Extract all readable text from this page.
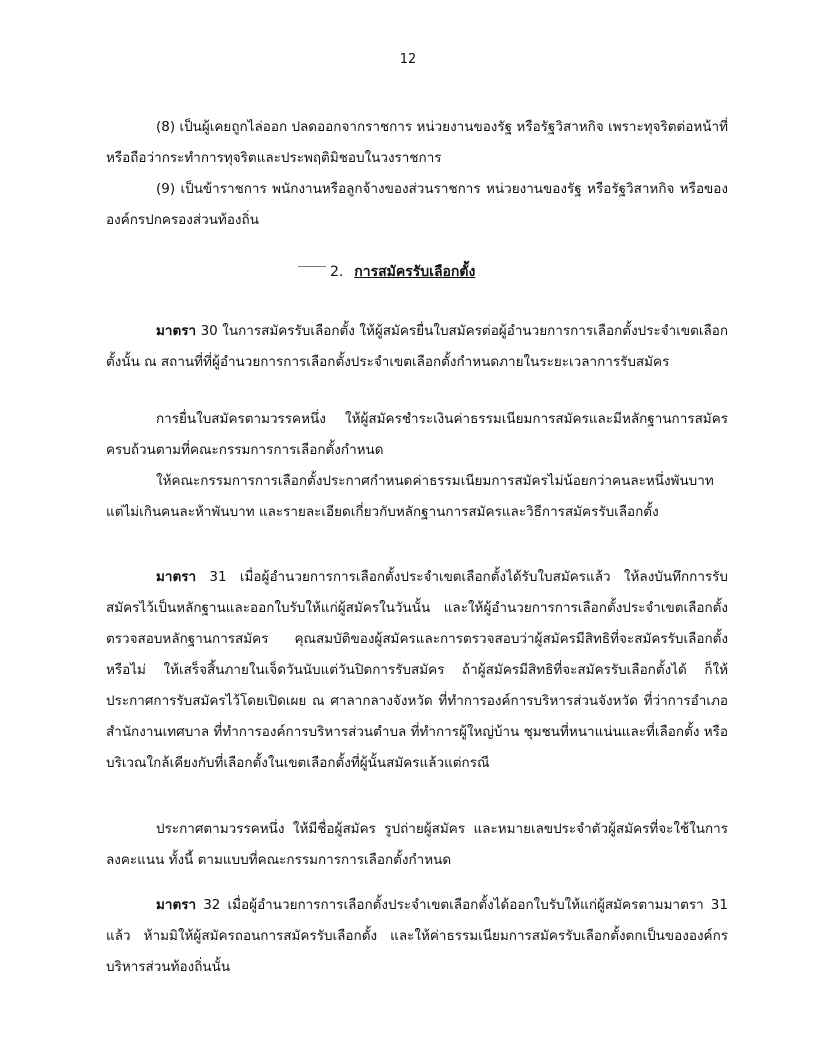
12

(8) เป็นผู้เคยถูกไล่ออก ปลดออกจากราชการ หน่วยงานของรัฐ หรือรัฐวิสาหกิจ เพราะทุจริตต่อหน้าที่หรือถือว่ากระทำการทุจริตและประพฤติมิชอบในวงราชการ

(9) เป็นข้าราชการ พนักงานหรือลูกจ้างของส่วนราชการ หน่วยงานของรัฐ หรือรัฐวิสาหกิจ หรือขององค์กรปกครองส่วนท้องถิ่น

2. การสมัครรับเลือกตั้ง

มาตรา 30 ในการสมัครรับเลือกตั้ง ให้ผู้สมัครยื่นใบสมัครต่อผู้อำนวยการการเลือกตั้งประจำเขตเลือกตั้งนั้น ณ สถานที่ที่ผู้อำนวยการการเลือกตั้งประจำเขตเลือกตั้งกำหนดภายในระยะเวลาการรับสมัคร

การยื่นใบสมัครตามวรรคหนึ่ง ให้ผู้สมัครชำระเงินค่าธรรมเนียมการสมัครและมีหลักฐานการสมัครครบถ้วนตามที่คณะกรรมการการเลือกตั้งกำหนด

ให้คณะกรรมการการเลือกตั้งประกาศกำหนดค่าธรรมเนียมการสมัครไม่น้อยกว่าคนละหนึ่งพันบาทแต่ไม่เกินคนละห้าพันบาท และรายละเอียดเกี่ยวกับหลักฐานการสมัครและวิธีการสมัครรับเลือกตั้ง

มาตรา 31 เมื่อผู้อำนวยการการเลือกตั้งประจำเขตเลือกตั้งได้รับใบสมัครแล้ว ให้ลงบันทึกการรับสมัครไว้เป็นหลักฐานและออกใบรับให้แก่ผู้สมัครในวันนั้น และให้ผู้อำนวยการการเลือกตั้งประจำเขตเลือกตั้งตรวจสอบหลักฐานการสมัคร คุณสมบัติของผู้สมัครและการตรวจสอบว่าผู้สมัครมีสิทธิที่จะสมัครรับเลือกตั้งหรือไม่ ให้เสร็จสิ้นภายในเจ็ดวันนับแต่วันปิดการรับสมัคร ถ้าผู้สมัครมีสิทธิที่จะสมัครรับเลือกตั้งได้ ก็ให้ประกาศการรับสมัครไว้โดยเปิดเผย ณ ศาลากลางจังหวัด ที่ทำการองค์การบริหารส่วนจังหวัด ที่ว่าการอำเภอ สำนักงานเทศบาล ที่ทำการองค์การบริหารส่วนตำบล ที่ทำการผู้ใหญ่บ้าน ชุมชนที่หนาแน่นและที่เลือกตั้ง หรือบริเวณใกล้เคียงกับที่เลือกตั้งในเขตเลือกตั้งที่ผู้นั้นสมัครแล้วแต่กรณี

ประกาศตามวรรคหนึ่ง ให้มีชื่อผู้สมัคร รูปถ่ายผู้สมัคร และหมายเลขประจำตัวผู้สมัครที่จะใช้ในการลงคะแนน ทั้งนี้ ตามแบบที่คณะกรรมการการเลือกตั้งกำหนด

มาตรา 32 เมื่อผู้อำนวยการการเลือกตั้งประจำเขตเลือกตั้งได้ออกใบรับให้แก่ผู้สมัครตามมาตรา 31 แล้ว ห้ามมิให้ผู้สมัครถอนการสมัครรับเลือกตั้ง และให้ค่าธรรมเนียมการสมัครรับเลือกตั้งตกเป็นขององค์กรบริหารส่วนท้องถิ่นนั้น
